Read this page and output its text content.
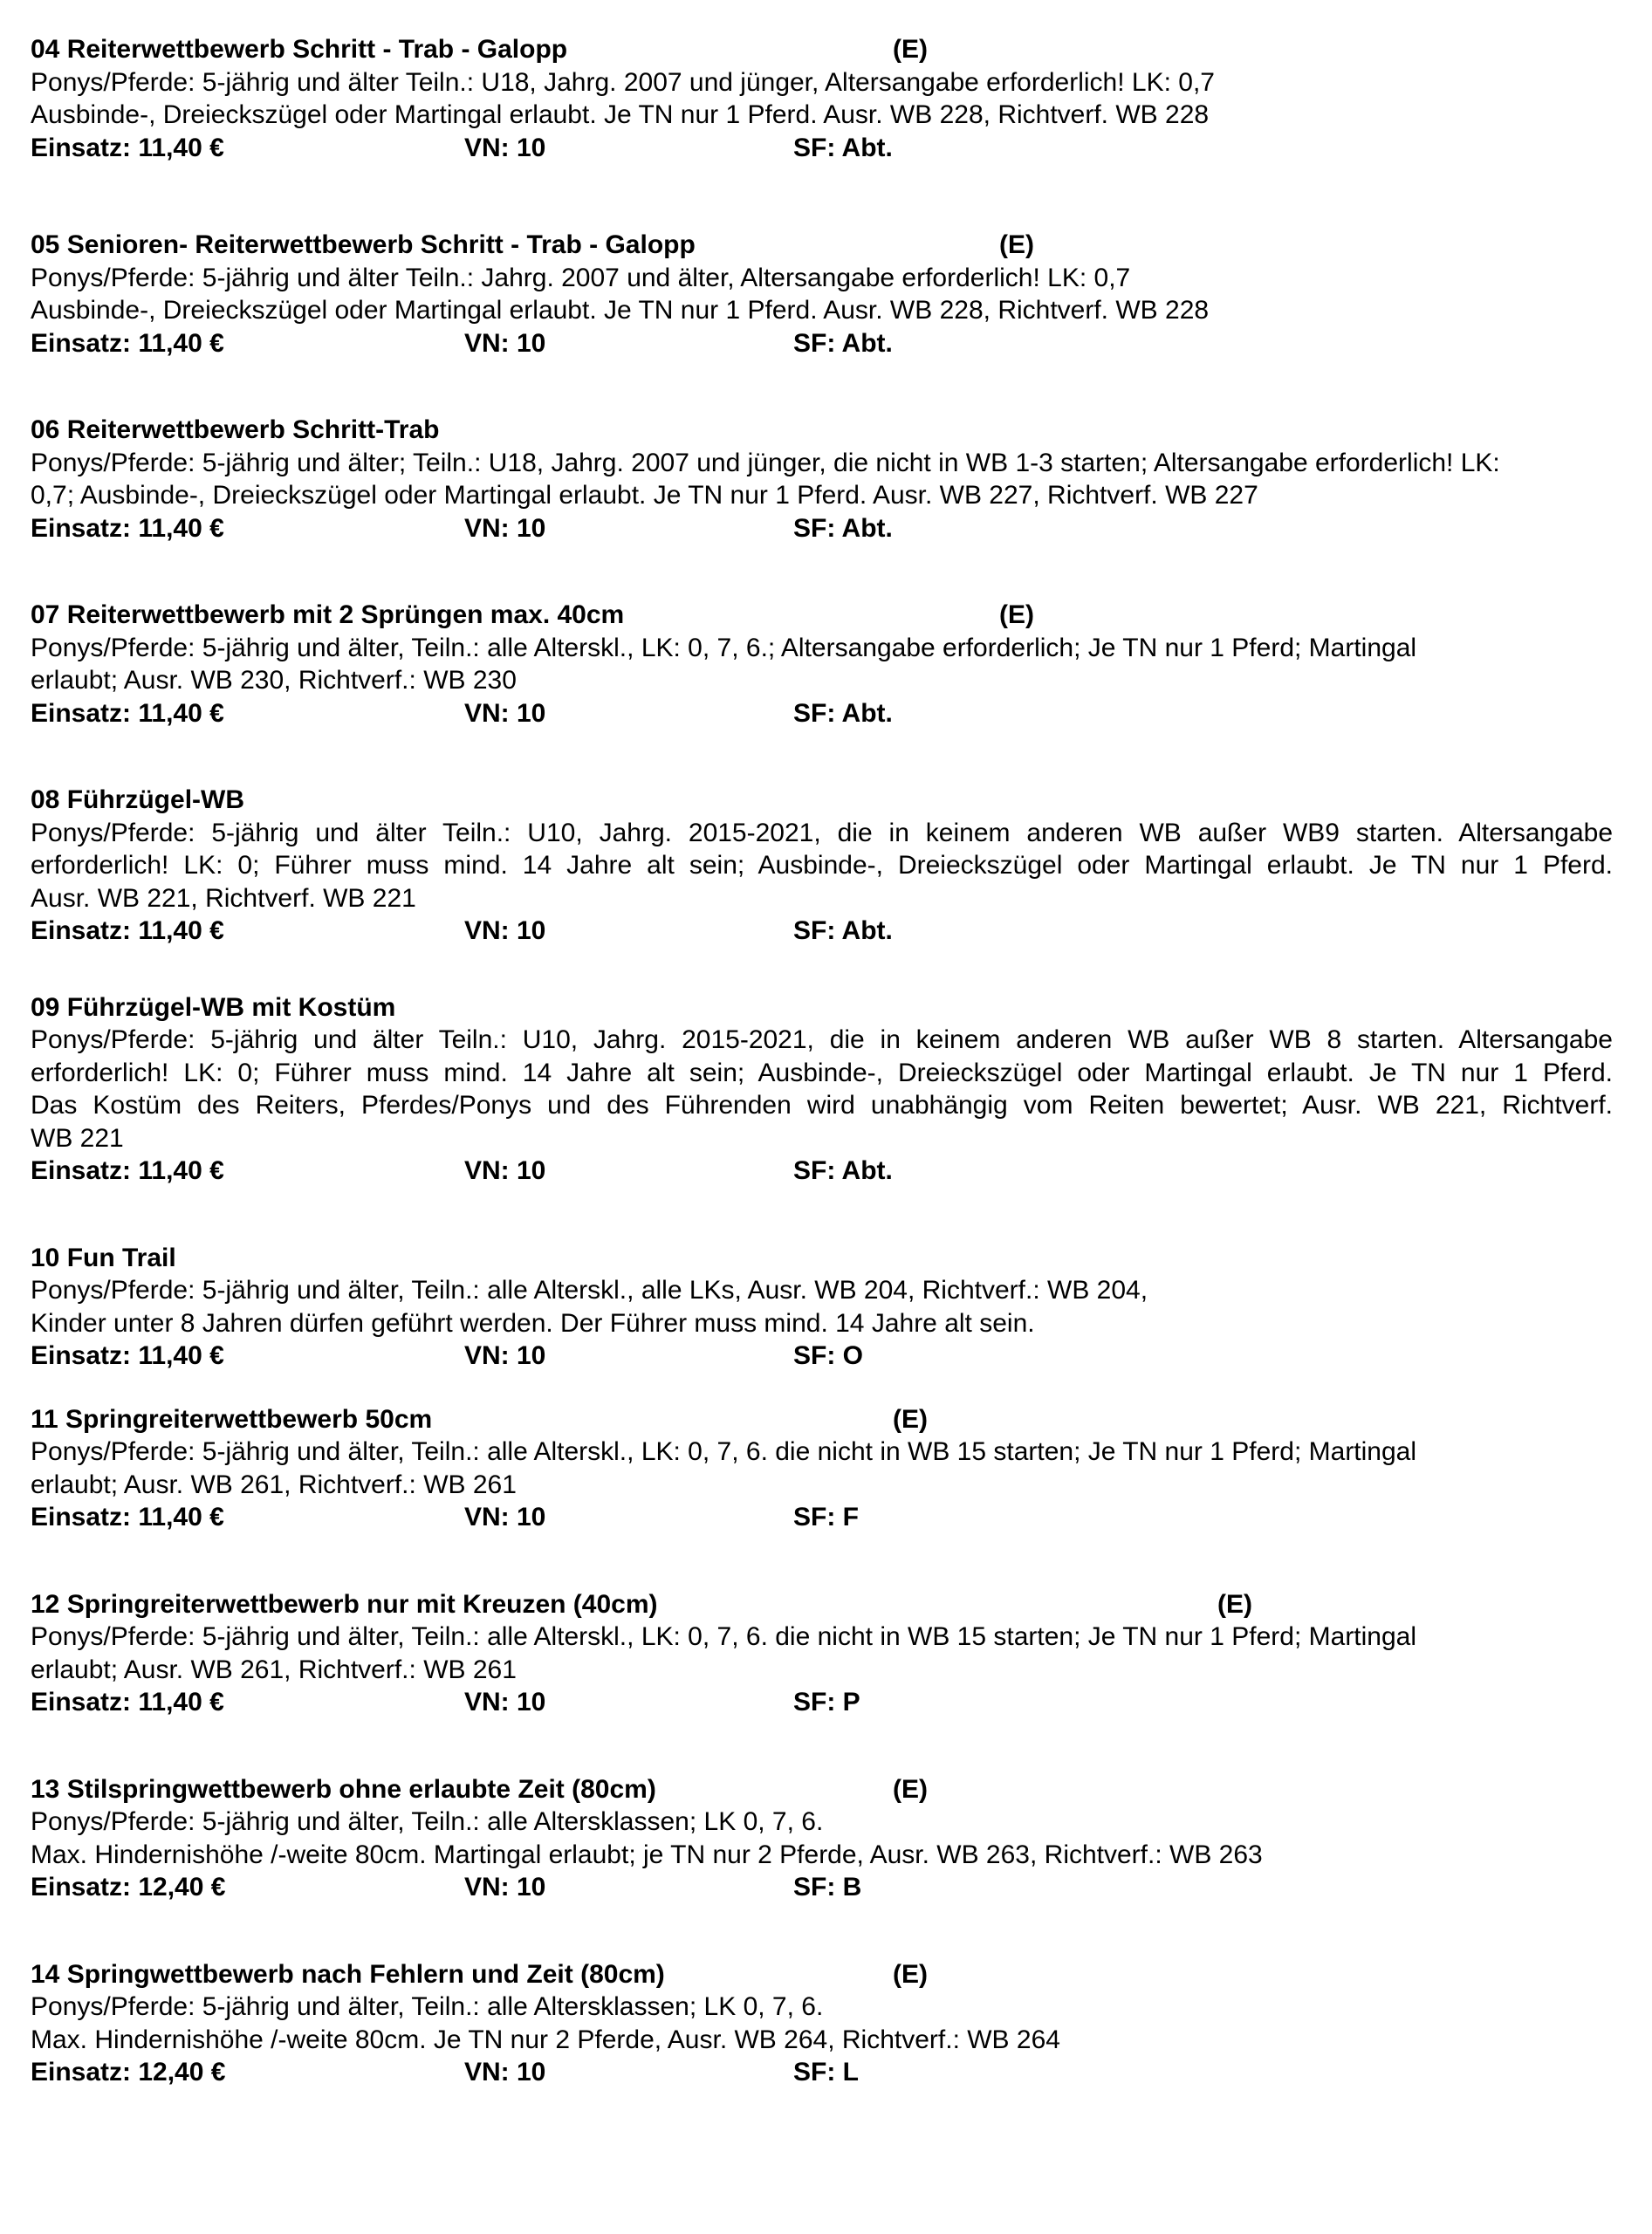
04 Reiterwettbewerb Schritt - Trab - Galopp	(E)
Ponys/Pferde: 5-jährig und älter Teiln.: U18, Jahrg. 2007 und jünger, Altersangabe erforderlich! LK: 0,7
Ausbinde-, Dreieckszügel oder Martingal erlaubt. Je TN nur 1 Pferd. Ausr. WB 228, Richtverf. WB 228
Einsatz: 11,40 €	VN: 10	SF: Abt.
05 Senioren- Reiterwettbewerb Schritt - Trab - Galopp	(E)
Ponys/Pferde: 5-jährig und älter Teiln.: Jahrg. 2007 und älter, Altersangabe erforderlich! LK: 0,7
Ausbinde-, Dreieckszügel oder Martingal erlaubt. Je TN nur 1 Pferd. Ausr. WB 228, Richtverf. WB 228
Einsatz: 11,40 €	VN: 10	SF: Abt.
06 Reiterwettbewerb Schritt-Trab
Ponys/Pferde: 5-jährig und älter; Teiln.: U18, Jahrg. 2007 und jünger, die nicht in WB 1-3 starten; Altersangabe erforderlich! LK:
0,7; Ausbinde-, Dreieckszügel oder Martingal erlaubt. Je TN nur 1 Pferd. Ausr. WB 227, Richtverf. WB 227
Einsatz: 11,40 €	VN: 10	SF: Abt.
07 Reiterwettbewerb mit 2 Sprüngen max. 40cm	(E)
Ponys/Pferde: 5-jährig und älter, Teiln.: alle Alterskl., LK: 0, 7, 6.; Altersangabe erforderlich; Je TN nur 1 Pferd; Martingal
erlaubt; Ausr. WB 230, Richtverf.: WB 230
Einsatz: 11,40 €	VN: 10	SF: Abt.
08 Führzügel-WB
Ponys/Pferde: 5-jährig und älter Teiln.: U10, Jahrg. 2015-2021, die in keinem anderen WB außer WB9 starten. Altersangabe
erforderlich! LK: 0; Führer muss mind. 14 Jahre alt sein; Ausbinde-, Dreieckszügel oder Martingal erlaubt. Je TN nur 1 Pferd.
Ausr. WB 221, Richtverf. WB 221
Einsatz: 11,40 €	VN: 10	SF: Abt.
09 Führzügel-WB mit Kostüm
Ponys/Pferde: 5-jährig und älter Teiln.: U10, Jahrg. 2015-2021, die in keinem anderen WB außer WB 8 starten. Altersangabe
erforderlich! LK: 0; Führer muss mind. 14 Jahre alt sein; Ausbinde-, Dreieckszügel oder Martingal erlaubt. Je TN nur 1 Pferd.
Das Kostüm des Reiters, Pferdes/Ponys und des Führenden wird unabhängig vom Reiten bewertet; Ausr. WB 221, Richtverf.
WB 221
Einsatz: 11,40 €	VN: 10	SF: Abt.
10 Fun Trail
Ponys/Pferde: 5-jährig und älter, Teiln.: alle Alterskl., alle LKs, Ausr. WB 204, Richtverf.: WB 204,
Kinder unter 8 Jahren dürfen geführt werden. Der Führer muss mind. 14 Jahre alt sein.
Einsatz: 11,40 €	VN: 10	SF: O
11 Springreiterwettbewerb 50cm	(E)
Ponys/Pferde: 5-jährig und älter, Teiln.: alle Alterskl., LK: 0, 7, 6. die nicht in WB 15 starten; Je TN nur 1 Pferd; Martingal
erlaubt; Ausr. WB 261, Richtverf.: WB 261
Einsatz: 11,40 €	VN: 10	SF: F
12 Springreiterwettbewerb nur mit Kreuzen (40cm)	(E)
Ponys/Pferde: 5-jährig und älter, Teiln.: alle Alterskl., LK: 0, 7, 6. die nicht in WB 15 starten; Je TN nur 1 Pferd; Martingal
erlaubt; Ausr. WB 261, Richtverf.: WB 261
Einsatz: 11,40 €	VN: 10	SF: P
13 Stilspringwettbewerb ohne erlaubte Zeit (80cm)	(E)
Ponys/Pferde: 5-jährig und älter, Teiln.: alle Altersklassen; LK 0, 7, 6.
Max. Hindernishöhe /-weite 80cm. Martingal erlaubt; je TN nur 2 Pferde, Ausr. WB 263, Richtverf.: WB 263
Einsatz: 12,40 €	VN: 10	SF: B
14 Springwettbewerb nach Fehlern und Zeit (80cm)	(E)
Ponys/Pferde: 5-jährig und älter, Teiln.: alle Altersklassen; LK 0, 7, 6.
Max. Hindernishöhe /-weite 80cm. Je TN nur 2 Pferde, Ausr. WB 264, Richtverf.: WB 264
Einsatz: 12,40 €	VN: 10	SF: L
